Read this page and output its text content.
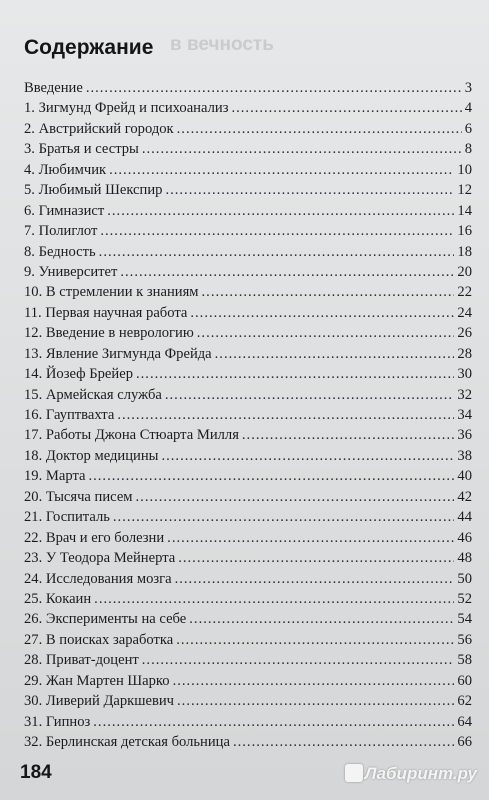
в вечность
Содержание
Введение .....	3
1. Зигмунд Фрейд и психоанализ .....	4
2. Австрийский городок .....	6
3. Братья и сестры .....	8
4. Любимчик .....	10
5. Любимый Шекспир .....	12
6. Гимназист .....	14
7. Полиглот .....	16
8. Бедность .....	18
9. Университет .....	20
10. В стремлении к знаниям .....	22
11. Первая научная работа .....	24
12. Введение в неврологию .....	26
13. Явление Зигмунда Фрейда .....	28
14. Йозеф Брейер .....	30
15. Армейская служба .....	32
16. Гауптвахта .....	34
17. Работы Джона Стюарта Милля .....	36
18. Доктор медицины .....	38
19. Марта .....	40
20. Тысяча писем .....	42
21. Госпиталь .....	44
22. Врач и его болезни .....	46
23. У Теодора Мейнерта .....	48
24. Исследования мозга .....	50
25. Кокаин .....	52
26. Эксперименты на себе .....	54
27. В поисках заработка .....	56
28. Приват-доцент .....	58
29. Жан Мартен Шарко .....	60
30. Ливерий Даркшевич .....	62
31. Гипноз .....	64
32. Берлинская детская больница .....	66
184	Лабиринт.ру
